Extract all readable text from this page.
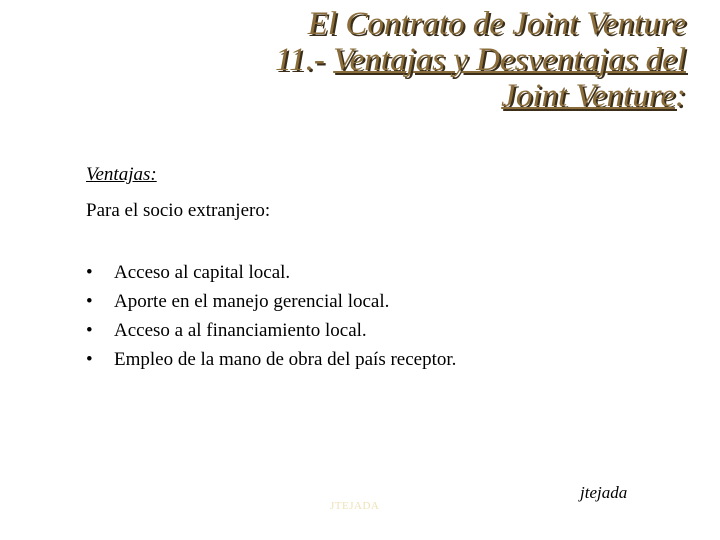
El Contrato de Joint Venture
11.- Ventajas y Desventajas del
Joint Venture:
Ventajas:
Para el socio extranjero:
• Acceso al capital local.
• Aporte en el manejo gerencial local.
• Acceso a al financiamiento local.
• Empleo de la mano de obra del país receptor.
JTEJADA
jtejada
